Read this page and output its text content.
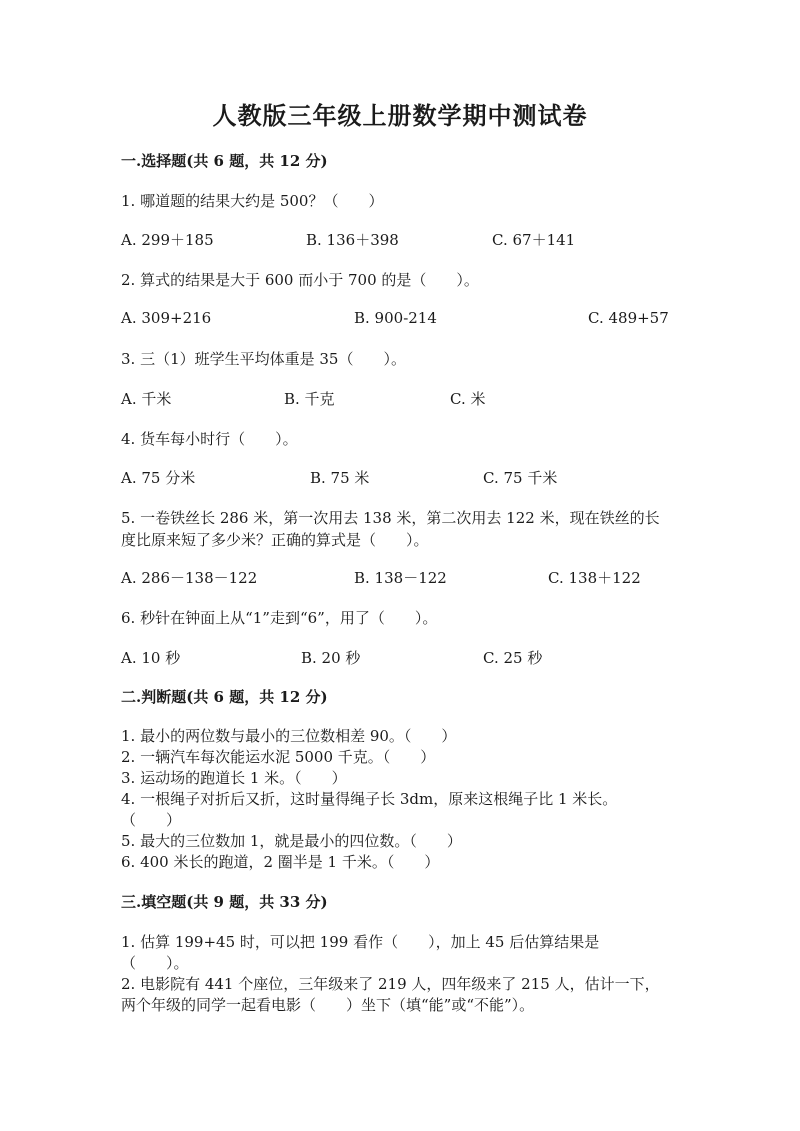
人教版三年级上册数学期中测试卷
一.选择题(共 6 题，共 12 分)
1. 哪道题的结果大约是 500？（　　）
A. 299＋185	B. 136＋398	C. 67＋141
2. 算式的结果是大于 600 而小于 700 的是（　　）。
A. 309+216	B. 900-214	C. 489+57
3. 三（1）班学生平均体重是 35（　　）。
A. 千米	B. 千克	C. 米
4. 货车每小时行（　　）。
A. 75 分米	B. 75 米	C. 75 千米
5. 一卷铁丝长 286 米，第一次用去 138 米，第二次用去 122 米，现在铁丝的长
度比原来短了多少米？正确的算式是（　　）。
A. 286－138－122	B. 138－122	C. 138＋122
6. 秒针在钟面上从“1”走到“6”，用了（　　）。
A. 10 秒	B. 20 秒	C. 25 秒
二.判断题(共 6 题，共 12 分)
1. 最小的两位数与最小的三位数相差 90。（　　）
2. 一辆汽车每次能运水泥 5000 千克。（　　）
3. 运动场的跑道长 1 米。（　　）
4. 一根绳子对折后又折，这时量得绳子长 3dm，原来这根绳子比 1 米长。
（　　）
5. 最大的三位数加 1，就是最小的四位数。（　　）
6. 400 米长的跑道，2 圈半是 1 千米。（　　）
三.填空题(共 9 题，共 33 分)
1. 估算 199+45 时，可以把 199 看作（　　），加上 45 后估算结果是
（　　）。
2. 电影院有 441 个座位，三年级来了 219 人，四年级来了 215 人，估计一下，
两个年级的同学一起看电影（　　）坐下（填“能”或“不能”）。
